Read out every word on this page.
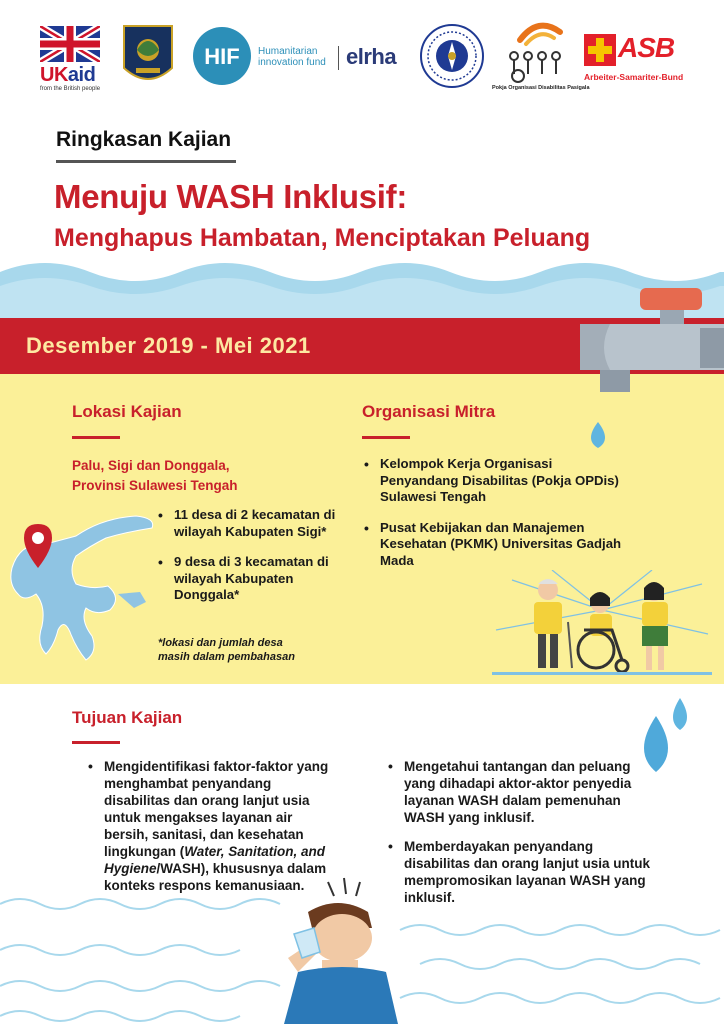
UKaid
from the British people
HIF Humanitarian
innovation fund elrha
Pokja Organisasi Disabilitas Pasigala
ASB
Arbeiter-Samariter-Bund
Ringkasan Kajian
Menuju WASH Inklusif:
Menghapus Hambatan, Menciptakan Peluang
Desember 2019 - Mei 2021
Lokasi Kajian
Palu, Sigi dan Donggala,
Provinsi Sulawesi Tengah
• 11 desa di 2 kecamatan di wilayah Kabupaten Sigi*
• 9 desa di 3 kecamatan di wilayah Kabupaten Donggala*
*lokasi dan jumlah desa
masih dalam pembahasan
Organisasi Mitra
• Kelompok Kerja Organisasi Penyandang Disabilitas (Pokja OPDis) Sulawesi Tengah
• Pusat Kebijakan dan Manajemen Kesehatan (PKMK) Universitas Gadjah Mada
Tujuan Kajian
• Mengidentifikasi faktor-faktor yang menghambat penyandang disabilitas dan orang lanjut usia untuk mengakses layanan air bersih, sanitasi, dan kesehatan lingkungan (Water, Sanitation, and Hygiene/WASH), khususnya dalam konteks respons kemanusiaan.
• Mengetahui tantangan dan peluang yang dihadapi aktor-aktor penyedia layanan WASH dalam pemenuhan WASH yang inklusif.
• Memberdayakan penyandang disabilitas dan orang lanjut usia untuk mempromosikan layanan WASH yang inklusif.
